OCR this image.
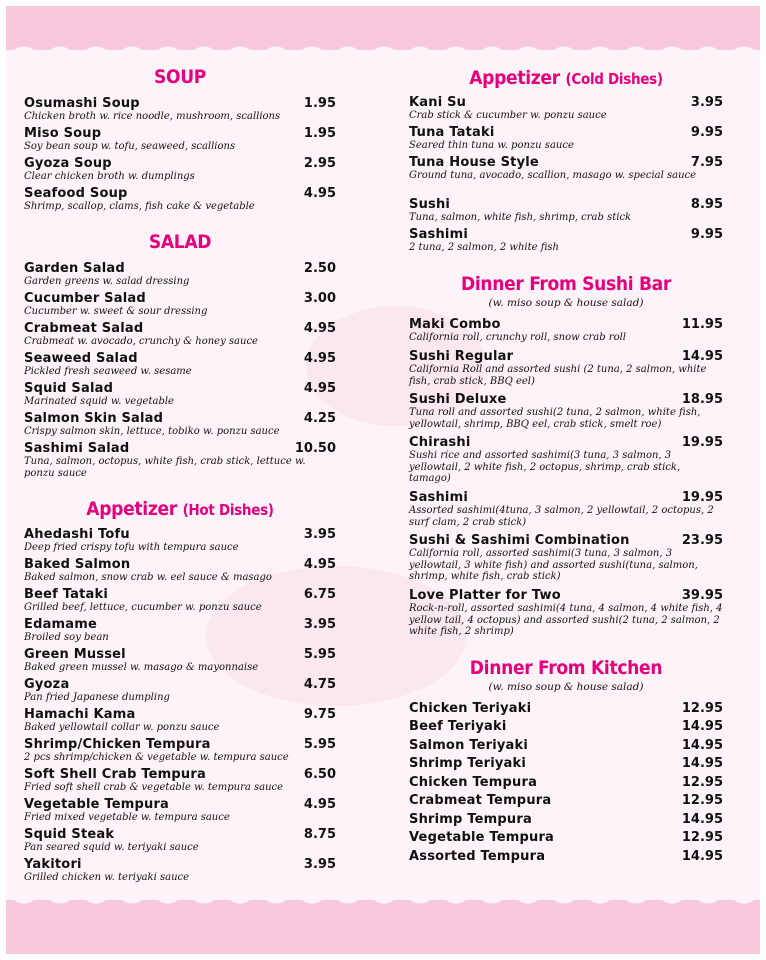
SOUP
Osumashi Soup	1.95
Chicken broth w. rice noodle, mushroom, scallions
Miso Soup	1.95
Soy bean soup w. tofu, seaweed, scallions
Gyoza Soup	2.95
Clear chicken broth w. dumplings
Seafood Soup	4.95
Shrimp, scallop, clams, fish cake & vegetable
SALAD
Garden Salad	2.50
Garden greens w. salad dressing
Cucumber Salad	3.00
Cucumber w. sweet & sour dressing
Crabmeat Salad	4.95
Crabmeat w. avocado, crunchy & honey sauce
Seaweed Salad	4.95
Pickled fresh seaweed w. sesame
Squid Salad	4.95
Marinated squid w. vegetable
Salmon Skin Salad	4.25
Crispy salmon skin, lettuce, tobiko w. ponzu sauce
Sashimi Salad	10.50
Tuna, salmon, octopus, white fish, crab stick, lettuce w. ponzu sauce
Appetizer (Hot Dishes)
Ahedashi Tofu	3.95
Deep fried crispy tofu with tempura sauce
Baked Salmon	4.95
Baked salmon, snow crab w. eel sauce & masago
Beef Tataki	6.75
Grilled beef, lettuce, cucumber w. ponzu sauce
Edamame	3.95
Broiled soy bean
Green Mussel	5.95
Baked green mussel w. masago & mayonnaise
Gyoza	4.75
Pan fried Japanese dumpling
Hamachi Kama	9.75
Baked yellowtail collar w. ponzu sauce
Shrimp/Chicken Tempura	5.95
2 pcs shrimp/chicken & vegetable w. tempura sauce
Soft Shell Crab Tempura	6.50
Fried soft shell crab & vegetable w. tempura sauce
Vegetable Tempura	4.95
Fried mixed vegetable w. tempura sauce
Squid Steak	8.75
Pan seared squid w. teriyaki sauce
Yakitori	3.95
Grilled chicken w. teriyaki sauce
Appetizer (Cold Dishes)
Kani Su	3.95
Crab stick & cucumber w. ponzu sauce
Tuna Tataki	9.95
Seared thin tuna w. ponzu sauce
Tuna House Style	7.95
Ground tuna, avocado, scallion, masago w. special sauce
Sushi	8.95
Tuna, salmon, white fish, shrimp, crab stick
Sashimi	9.95
2 tuna, 2 salmon, 2 white fish
Dinner From Sushi Bar
(w. miso soup & house salad)
Maki Combo	11.95
California roll, crunchy roll, snow crab roll
Sushi Regular	14.95
California Roll and assorted sushi (2 tuna, 2 salmon, white fish, crab stick, BBQ eel)
Sushi Deluxe	18.95
Tuna roll and assorted sushi(2 tuna, 2 salmon, white fish, yellowtail, shrimp, BBQ eel, crab stick, smelt roe)
Chirashi	19.95
Sushi rice and assorted sashimi(3 tuna, 3 salmon, 3 yellowtail, 2 white fish, 2 octopus, shrimp, crab stick, tamago)
Sashimi	19.95
Assorted sashimi(4tuna, 3 salmon, 2 yellowtail, 2 octopus, 2 surf clam, 2 crab stick)
Sushi & Sashimi Combination	23.95
California roll, assorted sashimi(3 tuna, 3 salmon, 3 yellowtail, 3 white fish) and assorted sushi(tuna, salmon, shrimp, white fish, crab stick)
Love Platter for Two	39.95
Rock-n-roll, assorted sashimi(4 tuna, 4 salmon, 4 white fish, 4 yellow tail, 4 octopus) and assorted sushi(2 tuna, 2 salmon, 2 white fish, 2 shrimp)
Dinner From Kitchen
(w. miso soup & house salad)
Chicken Teriyaki	12.95
Beef Teriyaki	14.95
Salmon Teriyaki	14.95
Shrimp Teriyaki	14.95
Chicken Tempura	12.95
Crabmeat Tempura	12.95
Shrimp Tempura	14.95
Vegetable Tempura	12.95
Assorted Tempura	14.95
